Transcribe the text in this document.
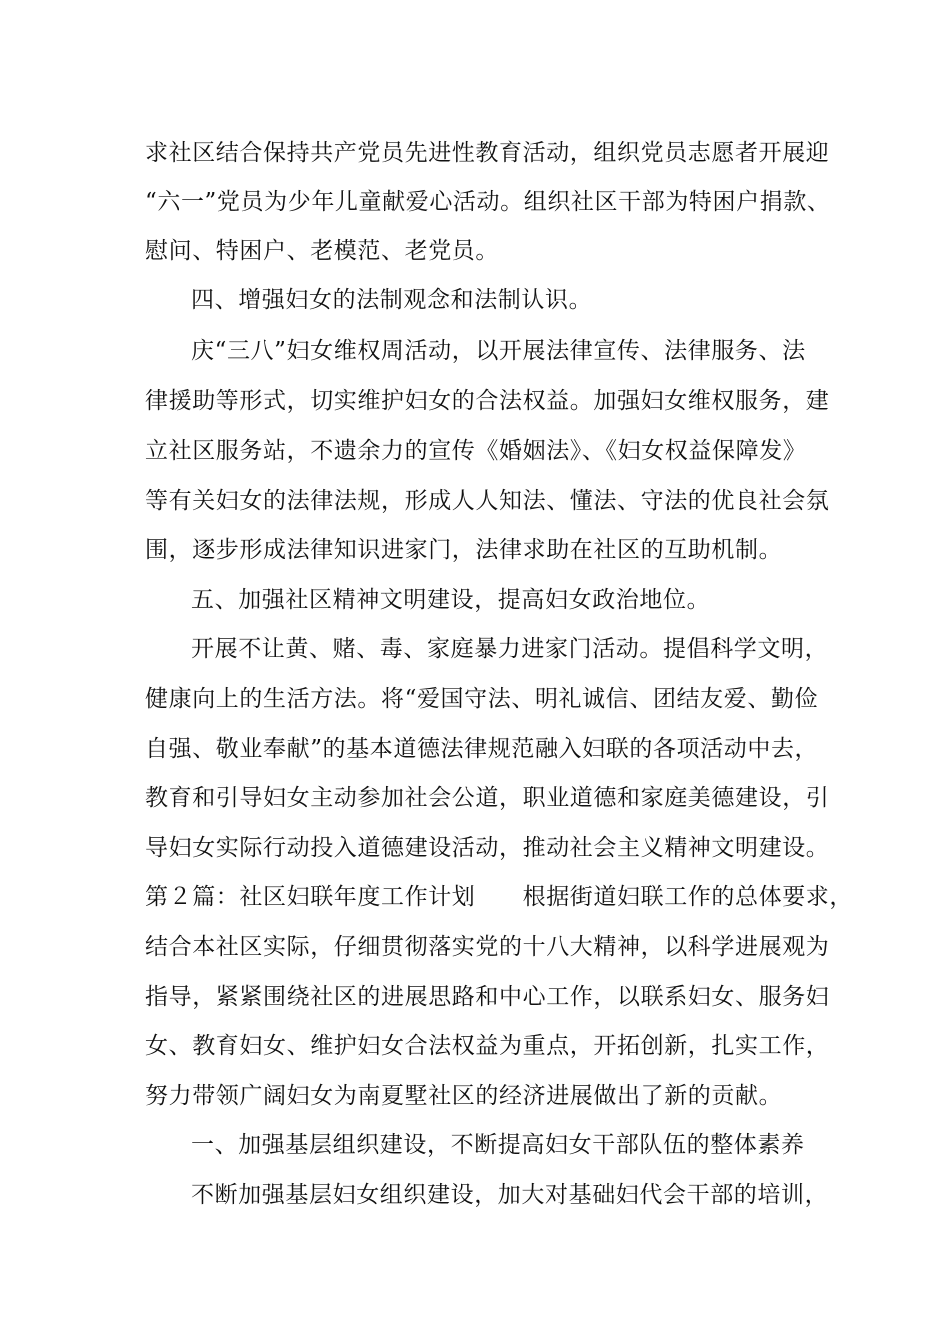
求社区结合保持共产党员先进性教育活动，组织党员志愿者开展迎

“六一”党员为少年儿童献爱心活动。组织社区干部为特困户捐款、

慰问、特困户、老模范、老党员。

四、增强妇女的法制观念和法制认识。

庆“三八”妇女维权周活动，以开展法律宣传、法律服务、法

律援助等形式，切实维护妇女的合法权益。加强妇女维权服务，建

立社区服务站，不遗余力的宣传《婚姻法》、《妇女权益保障发》

等有关妇女的法律法规，形成人人知法、懂法、守法的优良社会氛

围，逐步形成法律知识进家门，法律求助在社区的互助机制。

五、加强社区精神文明建设，提高妇女政治地位。

开展不让黄、赌、毒、家庭暴力进家门活动。提倡科学文明，

健康向上的生活方法。将“爱国守法、明礼诚信、团结友爱、勤俭

自强、敬业奉献”的基本道德法律规范融入妇联的各项活动中去，

教育和引导妇女主动参加社会公道，职业道德和家庭美德建设，引

导妇女实际行动投入道德建设活动，推动社会主义精神文明建设。

第２篇：社区妇联年度工作计划　　根据街道妇联工作的总体要求，

结合本社区实际，仔细贯彻落实党的十八大精神，以科学进展观为

指导，紧紧围绕社区的进展思路和中心工作，以联系妇女、服务妇

女、教育妇女、维护妇女合法权益为重点，开拓创新，扎实工作，

努力带领广阔妇女为南夏墅社区的经济进展做出了新的贡献。

一、加强基层组织建设，不断提高妇女干部队伍的整体素养

不断加强基层妇女组织建设，加大对基础妇代会干部的培训，
